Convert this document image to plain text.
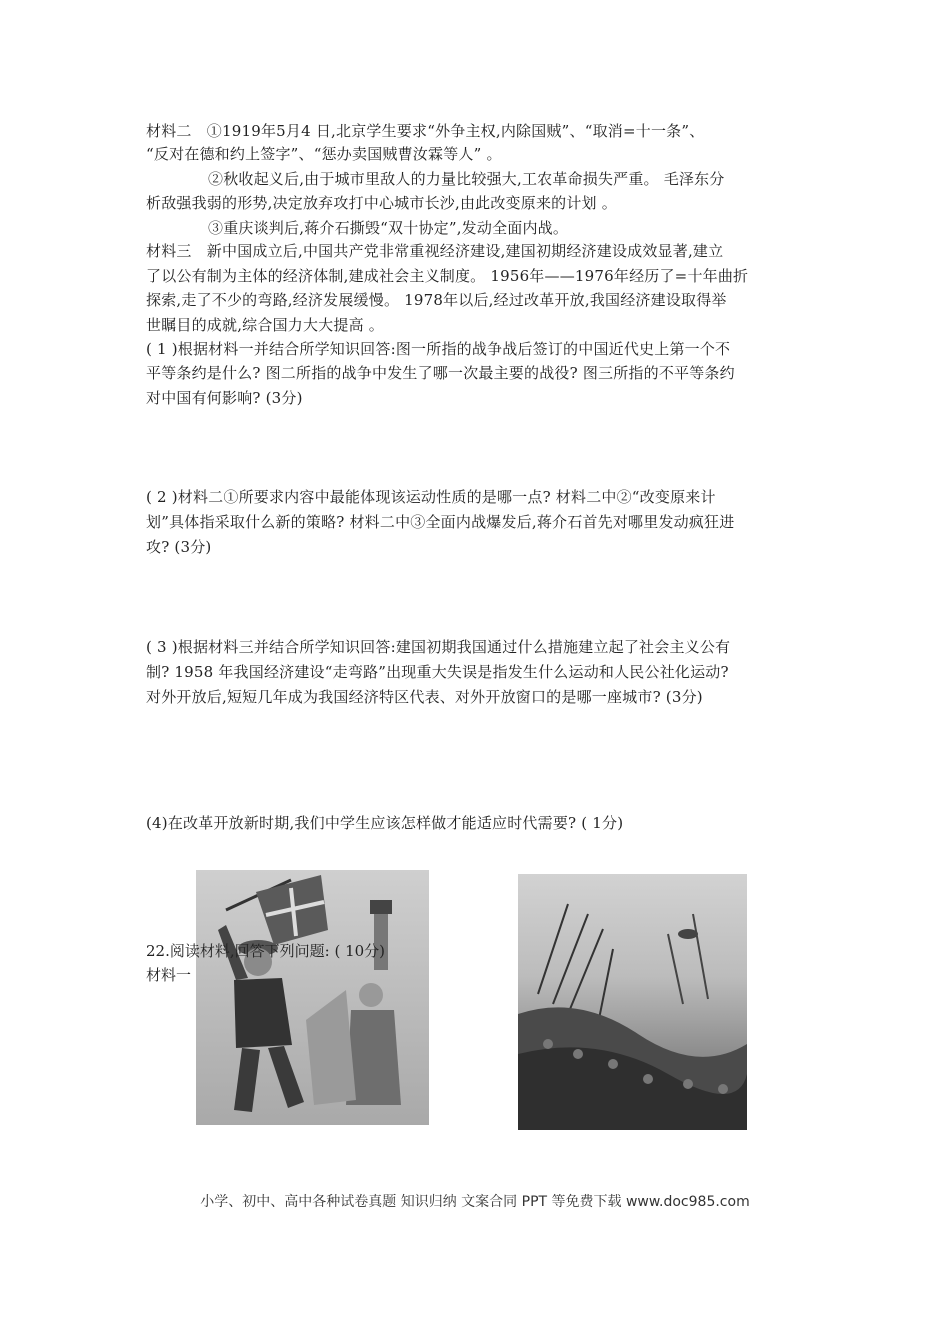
材料二　①1919年5月4 日,北京学生要求“外争主权,内除国贼”、“取消=十一条”、
“反对在德和约上签字”、“惩办卖国贼曹汝霖等人” 。
②秋收起义后,由于城市里敌人的力量比较强大,工农革命损失严重。 毛泽东分
析敌强我弱的形势,决定放弃攻打中心城市长沙,由此改变原来的计划 。
③重庆谈判后,蒋介石撕毁“双十协定”,发动全面内战。
材料三　新中国成立后,中国共产党非常重视经济建设,建国初期经济建设成效显著,建立
了以公有制为主体的经济体制,建成社会主义制度。 1956年——1976年经历了=十年曲折
探索,走了不少的弯路,经济发展缓慢。 1978年以后,经过改革开放,我国经济建设取得举
世瞩目的成就,综合国力大大提高 。
( 1 )根据材料一并结合所学知识回答:图一所指的战争战后签订的中国近代史上第一个不
平等条约是什么? 图二所指的战争中发生了哪一次最主要的战役? 图三所指的不平等条约
对中国有何影响? (3分)
( 2 )材料二①所要求内容中最能体现该运动性质的是哪一点? 材料二中②“改变原来计
划”具体指采取什么新的策略? 材料二中③全面内战爆发后,蒋介石首先对哪里发动疯狂进
攻? (3分)
( 3 )根据材料三并结合所学知识回答:建国初期我国通过什么措施建立起了社会主义公有
制? 1958 年我国经济建设“走弯路”出现重大失误是指发生什么运动和人民公社化运动?
对外开放后,短短几年成为我国经济特区代表、对外开放窗口的是哪一座城市? (3分)
(4)在改革开放新时期,我们中学生应该怎样做才能适应时代需要? ( 1分)
22.阅读材料,回答下列问题: ( 10分)
材料一
小学、初中、高中各种试卷真题 知识归纳 文案合同 PPT 等免费下载 www.doc985.com
